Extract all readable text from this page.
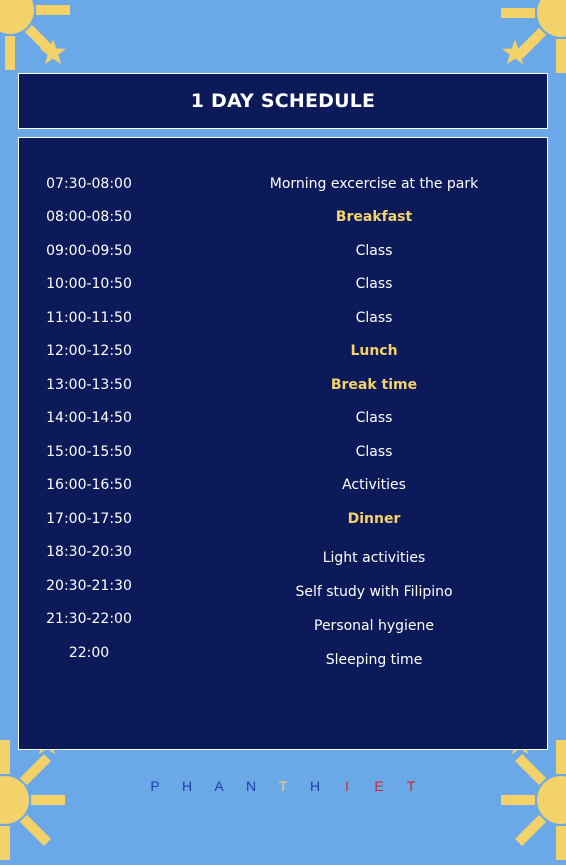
1 DAY SCHEDULE
07:30-08:00	Morning excercise at the park
08:00-08:50	Breakfast
09:00-09:50	Class
10:00-10:50	Class
11:00-11:50	Class
12:00-12:50	Lunch
13:00-13:50	Break time
14:00-14:50	Class
15:00-15:50	Class
16:00-16:50	Activities
17:00-17:50	Dinner
18:30-20:30	Light activities
20:30-21:30	Self study with Filipino
21:30-22:00	Personal hygiene
22:00	Sleeping time
P	H	A	N	T	H	I	E	T
